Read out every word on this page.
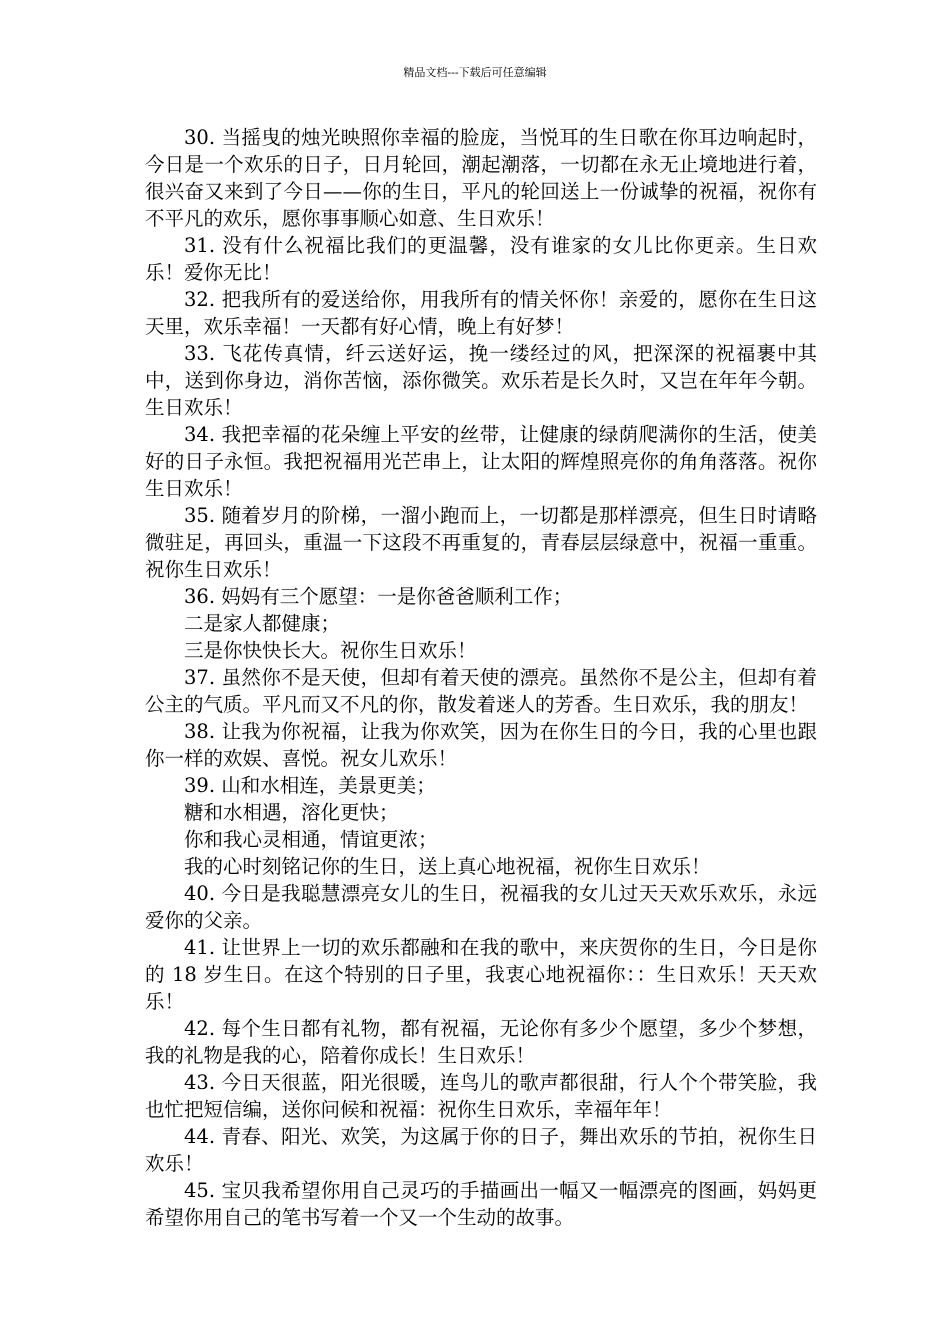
精品文档---下载后可任意编辑

30. 当摇曳的烛光映照你幸福的脸庞，当悦耳的生日歌在你耳边响起时，今日是一个欢乐的日子，日月轮回，潮起潮落，一切都在永无止境地进行着，很兴奋又来到了今日——你的生日，平凡的轮回送上一份诚挚的祝福，祝你有不平凡的欢乐，愿你事事顺心如意、生日欢乐！

31. 没有什么祝福比我们的更温馨，没有谁家的女儿比你更亲。生日欢乐！爱你无比！

32. 把我所有的爱送给你，用我所有的情关怀你！亲爱的，愿你在生日这天里，欢乐幸福！一天都有好心情，晚上有好梦！

33. 飞花传真情，纤云送好运，挽一缕经过的风，把深深的祝福裹中其中，送到你身边，消你苦恼，添你微笑。欢乐若是长久时，又岂在年年今朝。生日欢乐！

34. 我把幸福的花朵缠上平安的丝带，让健康的绿荫爬满你的生活，使美好的日子永恒。我把祝福用光芒串上，让太阳的辉煌照亮你的角角落落。祝你生日欢乐！

35. 随着岁月的阶梯，一溜小跑而上，一切都是那样漂亮，但生日时请略微驻足，再回头，重温一下这段不再重复的，青春层层绿意中，祝福一重重。祝你生日欢乐！

36. 妈妈有三个愿望：一是你爸爸顺利工作；

二是家人都健康；

三是你快快长大。祝你生日欢乐！

37. 虽然你不是天使，但却有着天使的漂亮。虽然你不是公主，但却有着公主的气质。平凡而又不凡的你，散发着迷人的芳香。生日欢乐，我的朋友！

38. 让我为你祝福，让我为你欢笑，因为在你生日的今日，我的心里也跟你一样的欢娱、喜悦。祝女儿欢乐！

39. 山和水相连，美景更美；

糖和水相遇，溶化更快；

你和我心灵相通，情谊更浓；

我的心时刻铭记你的生日，送上真心地祝福，祝你生日欢乐！

40. 今日是我聪慧漂亮女儿的生日，祝福我的女儿过天天欢乐欢乐，永远爱你的父亲。

41. 让世界上一切的欢乐都融和在我的歌中，来庆贺你的生日，今日是你的 18 岁生日。在这个特别的日子里，我衷心地祝福你：：生日欢乐！天天欢乐！

42. 每个生日都有礼物，都有祝福，无论你有多少个愿望，多少个梦想，我的礼物是我的心，陪着你成长！生日欢乐！

43. 今日天很蓝，阳光很暖，连鸟儿的歌声都很甜，行人个个带笑脸，我也忙把短信编，送你问候和祝福：祝你生日欢乐，幸福年年！

44. 青春、阳光、欢笑，为这属于你的日子，舞出欢乐的节拍，祝你生日欢乐！

45. 宝贝我希望你用自己灵巧的手描画出一幅又一幅漂亮的图画，妈妈更希望你用自己的笔书写着一个又一个生动的故事。
